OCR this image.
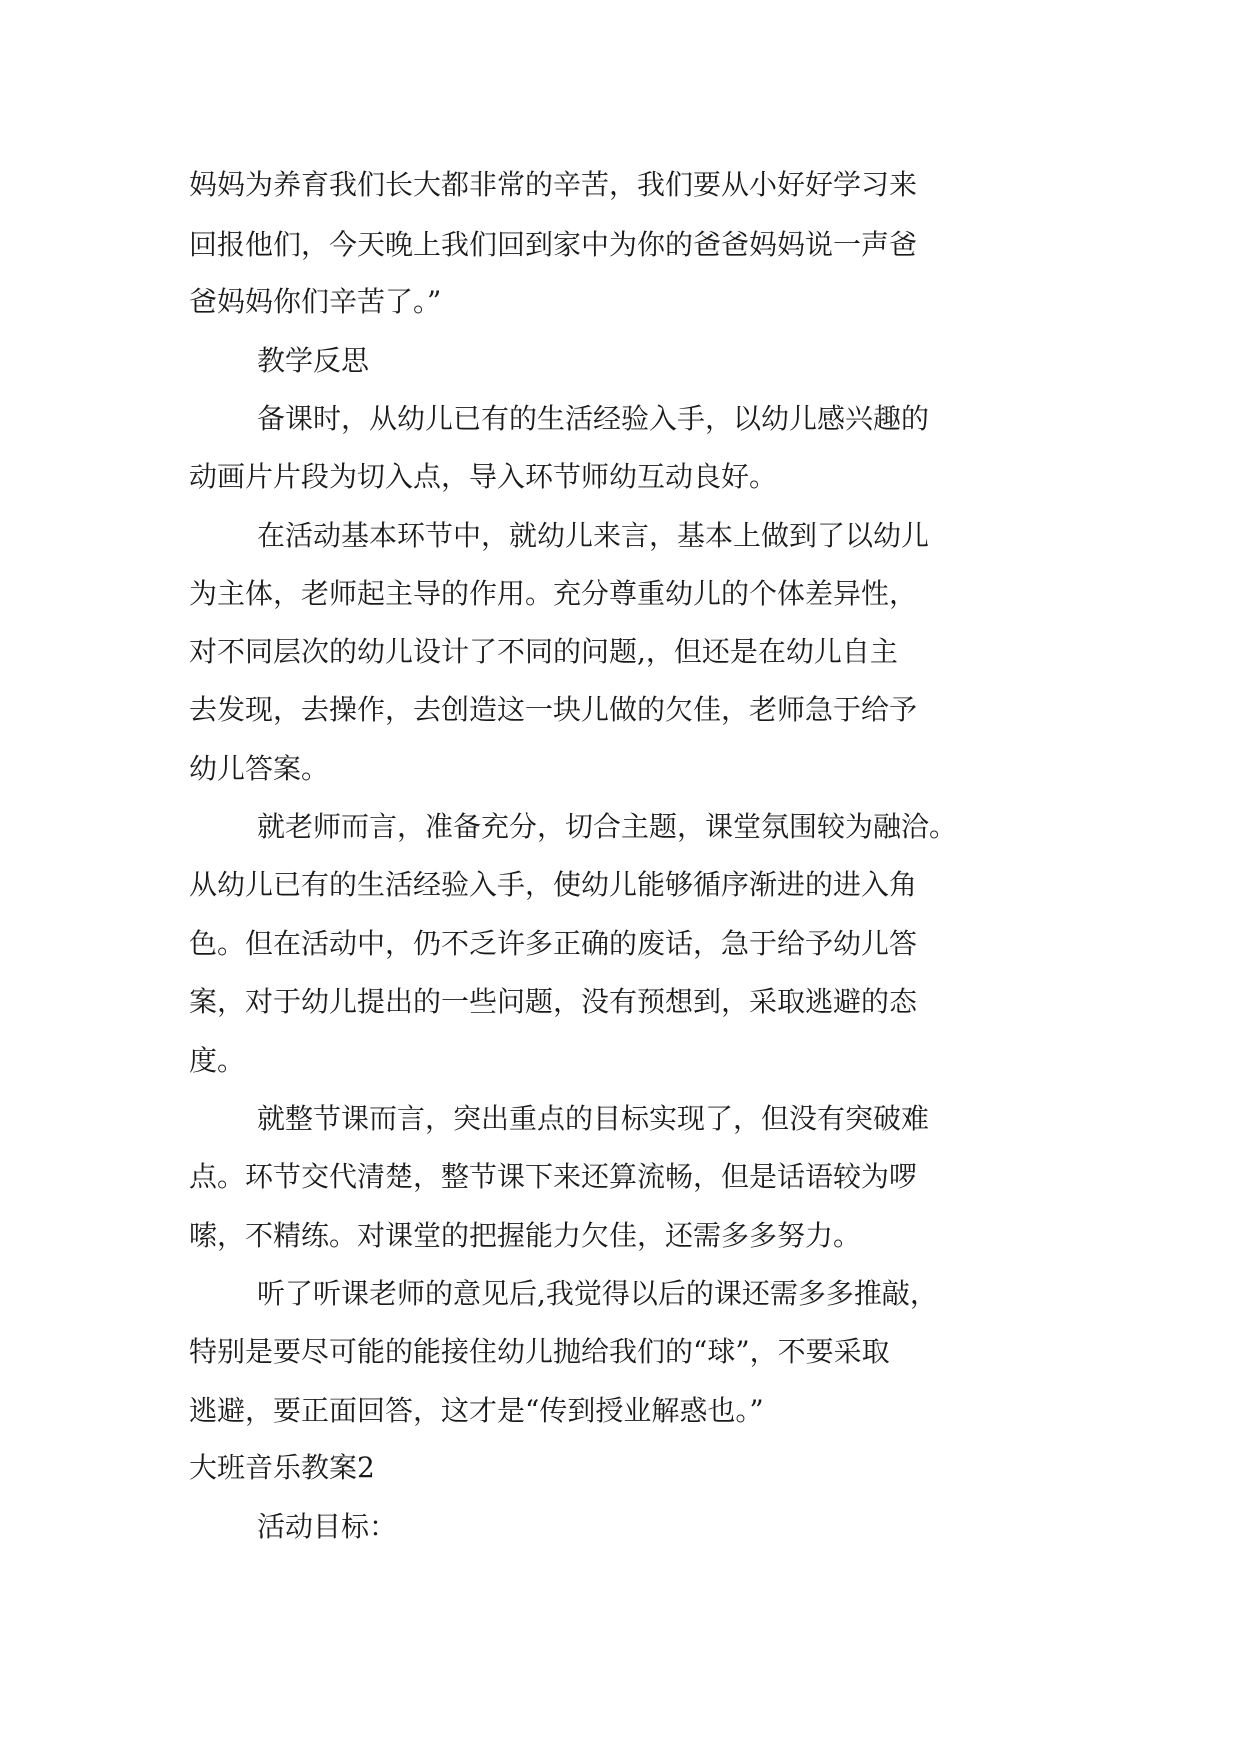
妈妈为养育我们长大都非常的辛苦，我们要从小好好学习来
回报他们，今天晚上我们回到家中为你的爸爸妈妈说一声爸
爸妈妈你们辛苦了。”
教学反思
备课时，从幼儿已有的生活经验入手，以幼儿感兴趣的
动画片片段为切入点，导入环节师幼互动良好。
在活动基本环节中，就幼儿来言，基本上做到了以幼儿
为主体，老师起主导的作用。充分尊重幼儿的个体差异性，
对不同层次的幼儿设计了不同的问题,，但还是在幼儿自主
去发现，去操作，去创造这一块儿做的欠佳，老师急于给予
幼儿答案。
就老师而言，准备充分，切合主题，课堂氛围较为融洽。
从幼儿已有的生活经验入手，使幼儿能够循序渐进的进入角
色。但在活动中，仍不乏许多正确的废话，急于给予幼儿答
案，对于幼儿提出的一些问题，没有预想到，采取逃避的态
度。
就整节课而言，突出重点的目标实现了，但没有突破难
点。环节交代清楚，整节课下来还算流畅，但是话语较为啰
嗦，不精练。对课堂的把握能力欠佳，还需多多努力。
听了听课老师的意见后,我觉得以后的课还需多多推敲，
特别是要尽可能的能接住幼儿抛给我们的“球”，不要采取
逃避，要正面回答，这才是“传到授业解惑也。”
大班音乐教案2
活动目标：
